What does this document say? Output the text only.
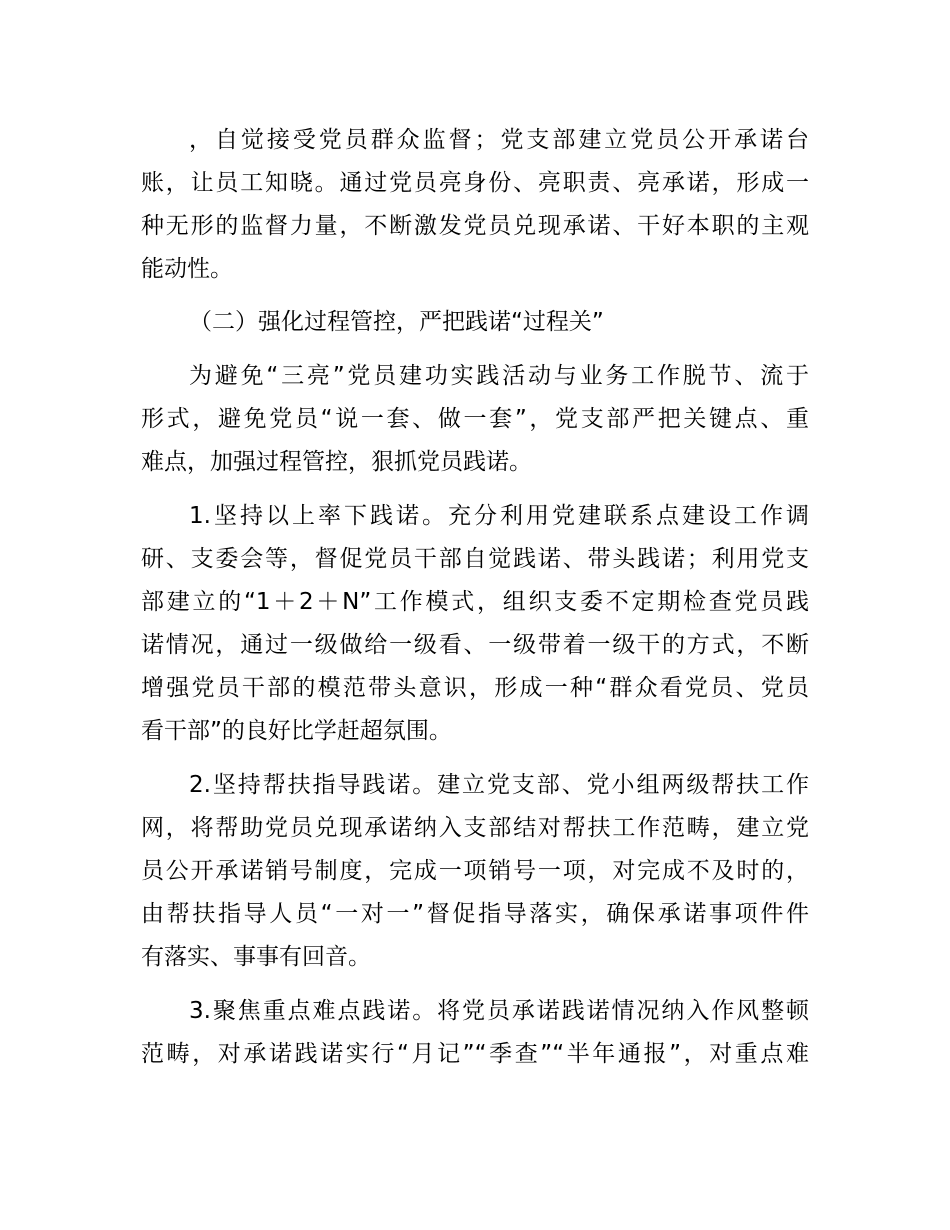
，自觉接受党员群众监督；党支部建立党员公开承诺台
账，让员工知晓。通过党员亮身份、亮职责、亮承诺，形成一
种无形的监督力量，不断激发党员兑现承诺、干好本职的主观
能动性。
（二）强化过程管控，严把践诺“过程关”
为避免“三亮”党员建功实践活动与业务工作脱节、流于
形式，避免党员“说一套、做一套”，党支部严把关键点、重
难点，加强过程管控，狠抓党员践诺。
1.坚持以上率下践诺。充分利用党建联系点建设工作调
研、支委会等，督促党员干部自觉践诺、带头践诺；利用党支
部建立的“1＋2＋N”工作模式，组织支委不定期检查党员践
诺情况，通过一级做给一级看、一级带着一级干的方式，不断
增强党员干部的模范带头意识，形成一种“群众看党员、党员
看干部”的良好比学赶超氛围。
2.坚持帮扶指导践诺。建立党支部、党小组两级帮扶工作
网，将帮助党员兑现承诺纳入支部结对帮扶工作范畴，建立党
员公开承诺销号制度，完成一项销号一项，对完成不及时的，
由帮扶指导人员“一对一”督促指导落实，确保承诺事项件件
有落实、事事有回音。
3.聚焦重点难点践诺。将党员承诺践诺情况纳入作风整顿
范畴，对承诺践诺实行“月记”“季查”“半年通报”，对重点难
